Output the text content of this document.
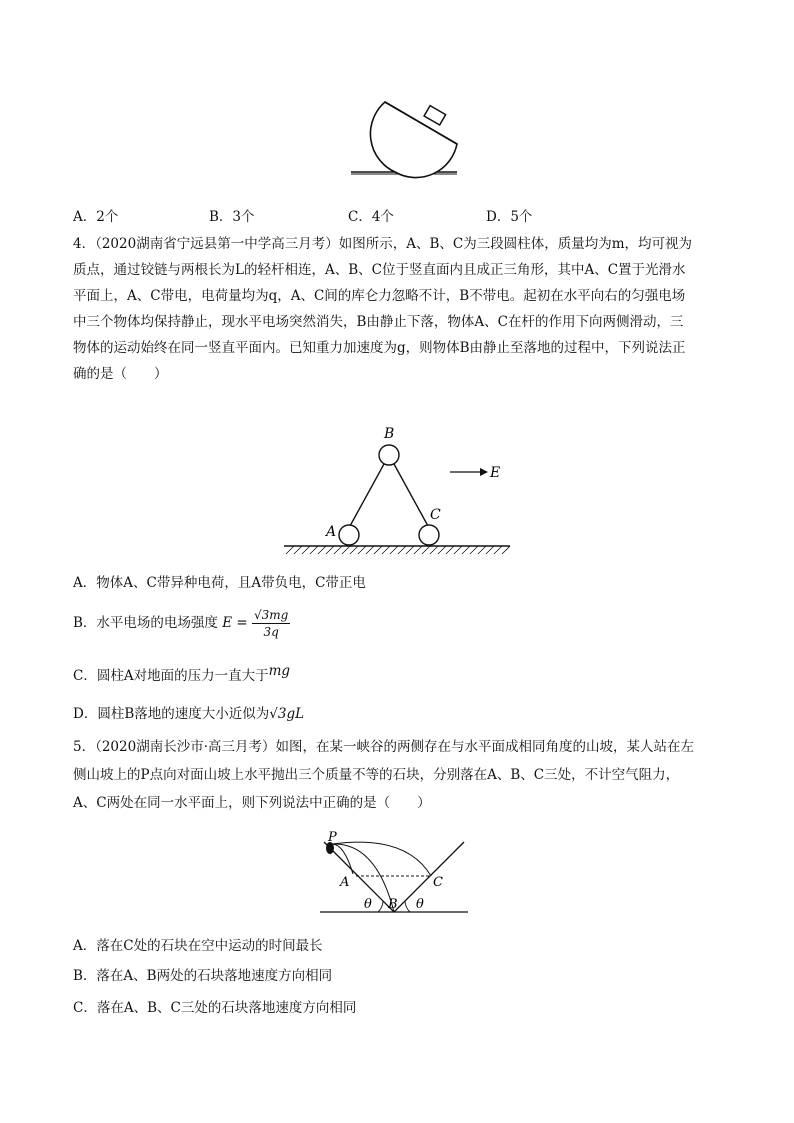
A．2个	B．3个	C．4个	D．5个

4．（2020湖南省宁远县第一中学高三月考）如图所示，A、B、C为三段圆柱体，质量均为m，均可视为

质点，通过铰链与两根长为L的轻杆相连，A、B、C位于竖直面内且成正三角形，其中A、C置于光滑水

平面上，A、C带电，电荷量均为q，A、C间的库仑力忽略不计，B不带电。起初在水平向右的匀强电场

中三个物体均保持静止，现水平电场突然消失，B由静止下落，物体A、C在杆的作用下向两侧滑动，三

物体的运动始终在同一竖直平面内。已知重力加速度为g，则物体B由静止至落地的过程中，下列说法正

确的是（　　）

B
A
C
E
A．物体A、C带异种电荷，且A带负电，C带正电
B．水平电场的电场强度 $E = \frac{√3mg}{3q}$
C．圆柱A对地面的压力一直大于mg
D．圆柱B落地的速度大小近似为√3gL

5．（2020湖南长沙市·高三月考）如图，在某一峡谷的两侧存在与水平面成相同角度的山坡，某人站在左

侧山坡上的P点向对面山坡上水平抛出三个质量不等的石块，分别落在A、B、C三处，不计空气阻力，

A、C两处在同一水平面上，则下列说法中正确的是（　　）

P
A
B
C
θ	θ
A．落在C处的石块在空中运动的时间最长
B．落在A、B两处的石块落地速度方向相同
C．落在A、B、C三处的石块落地速度方向相同
